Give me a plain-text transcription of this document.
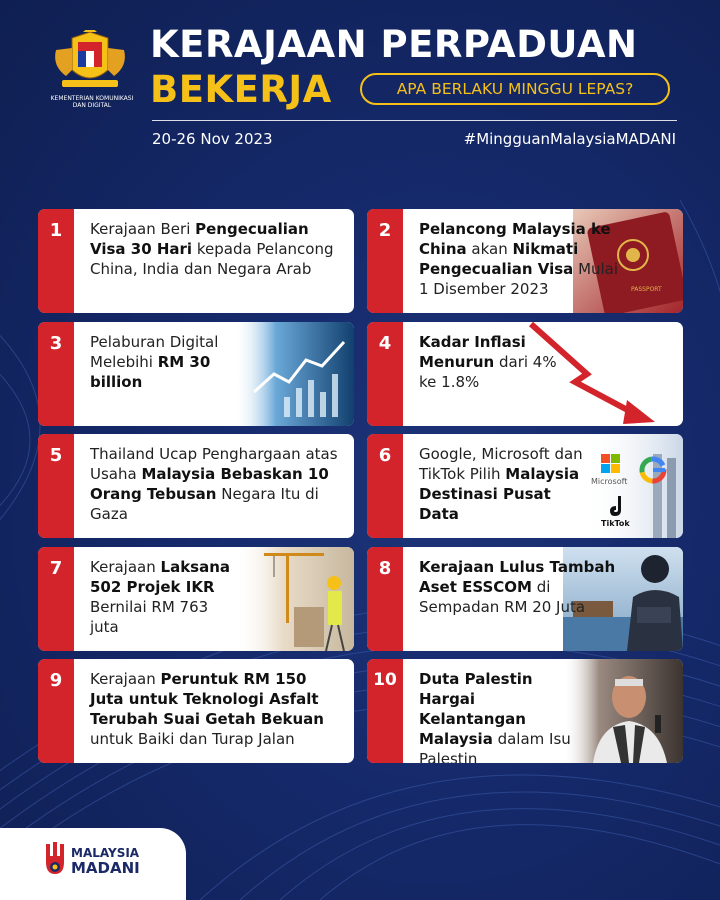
KEMENTERIAN KOMUNIKASI DAN DIGITAL
KERAJAAN PERPADUAN
BEKERJA	APA BERLAKU MINGGU LEPAS?
20-26 Nov 2023	#MingguanMalaysiaMADANI
1	Kerajaan Beri Pengecualian Visa 30 Hari kepada Pelancong China, India dan Negara Arab
PASSPORT
2	Pelancong Malaysia ke China akan Nikmati Pengecualian Visa Mulai 1 Disember 2023
3	Pelaburan Digital Melebihi RM 30 billion
4	Kadar Inflasi Menurun dari 4% ke 1.8%
5	Thailand Ucap Penghargaan atas Usaha Malaysia Bebaskan 10 Orang Tebusan Negara Itu di Gaza
Microsoft
TikTok
6	Google, Microsoft dan TikTok Pilih Malaysia Destinasi Pusat Data
7	Kerajaan Laksana 502 Projek IKR Bernilai RM 763 juta
8	Kerajaan Lulus Tambah Aset ESSCOM di Sempadan RM 20 Juta
9	Kerajaan Peruntuk RM 150 Juta untuk Teknologi Asfalt Terubah Suai Getah Bekuan untuk Baiki dan Turap Jalan
10	Duta Palestin Hargai Kelantangan Malaysia dalam Isu Palestin
MALAYSIA
MADANI
